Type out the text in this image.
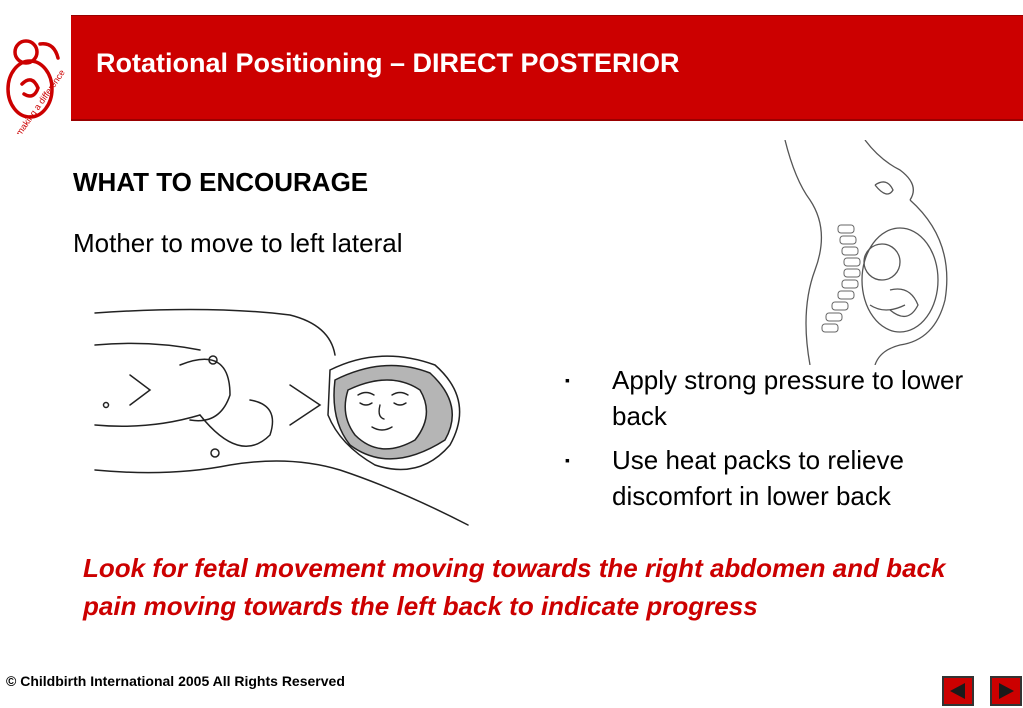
making a difference
Rotational Positioning – DIRECT POSTERIOR
WHAT TO ENCOURAGE
Mother to move to left lateral
▪ Apply strong pressure to lower back
▪ Use heat packs to relieve discomfort in lower back
Look for fetal movement moving towards the right abdomen and back pain moving towards the left back to indicate progress
© Childbirth International 2005 All Rights Reserved
